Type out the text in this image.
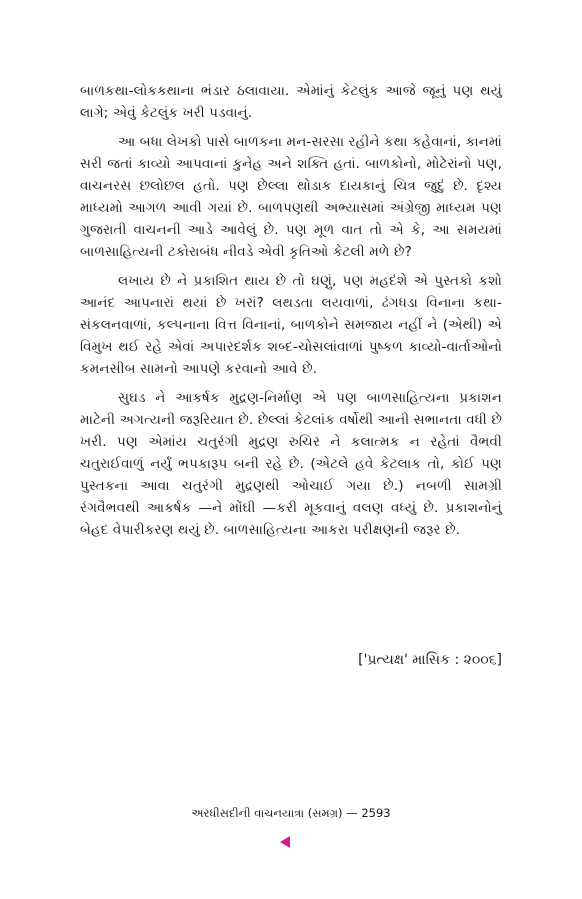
બાળકથા-લોકકથાના ભંડાર ઠલાવાયા. એમાંનું કેટલુંક આજે જૂનું પણ થયું લાગે; એવું કેટલુંક ખરી પડવાનું.

આ બધા લેખકો પાસે બાળકના મન-સરસા રહીને કથા કહેવાનાં, કાનમાં સરી જતાં કાવ્યો આપવાનાં કુનેહ અને શક્તિ હતાં. બાળકોનો, મોટેરાંનો પણ, વાચનરસ છલોછલ હતો. પણ છેલ્લા થોડાક દાયકાનું ચિત્ર જુદું છે. દૃશ્ય માધ્યમો આગળ આવી ગયાં છે. બાળપણથી અભ્યાસમાં અંગ્રેજી માધ્યમ પણ ગુજરાતી વાચનની આડે આવેલું છે. પણ મૂળ વાત તો એ કે, આ સમયમાં બાળસાહિત્યની ટકોરાબંધ નીવડે એવી કૃતિઓ કેટલી મળે છે?

લખાય છે ને પ્રકાશિત થાય છે તો ઘણું, પણ મહદંશે એ પુસ્તકો કશો આનંદ આપનારાં થયાં છે ખરાં? લથડતા લયવાળાં, ઢંગધડા વિનાના કથા-સંકલનવાળાં, કલ્પનાના વિત્ત વિનાનાં, બાળકોને સમજાય નહીં ને (એથી) એ વિમુખ થઈ રહે એવાં અપારદર્શક શબ્દ-ચોસલાંવાળાં પુષ્કળ કાવ્યો-વાર્તાઓનો કમનસીબ સામનો આપણે કરવાનો આવે છે.

સુઘડ ને આકર્ષક મુદ્રણ-નિર્માણ એ પણ બાળસાહિત્યના પ્રકાશન માટેની અગત્યની જરૂરિયાત છે. છેલ્લાં કેટલાંક વર્ષોથી આની સભાનતા વધી છે ખરી. પણ એમાંય ચતુરંગી મુદ્રણ રુચિર ને કલાત્મક ન રહેતાં વૈભવી ચતુરાઈવાળું નર્યું ભપકારૂપ બની રહે છે. (એટલે હવે કેટલાક તો, કોઈ પણ પુસ્તકના આવા ચતુરંગી મુદ્રણથી ઓચાઈ ગયા છે.) નબળી સામગ્રી રંગવૈભવથી આકર્ષક —ને મોંઘી —કરી મૂકવાનું વલણ વધ્યું છે. પ્રકાશનોનું બેહદ વેપારીકરણ થયું છે. બાળસાહિત્યના આકરા પરીક્ષણની જરૂર છે.

['પ્રત્યક્ષ' માસિક : ૨૦૦૬]
અરધીસદીની વાચનયાત્રા (સમગ્ર) — 2593
